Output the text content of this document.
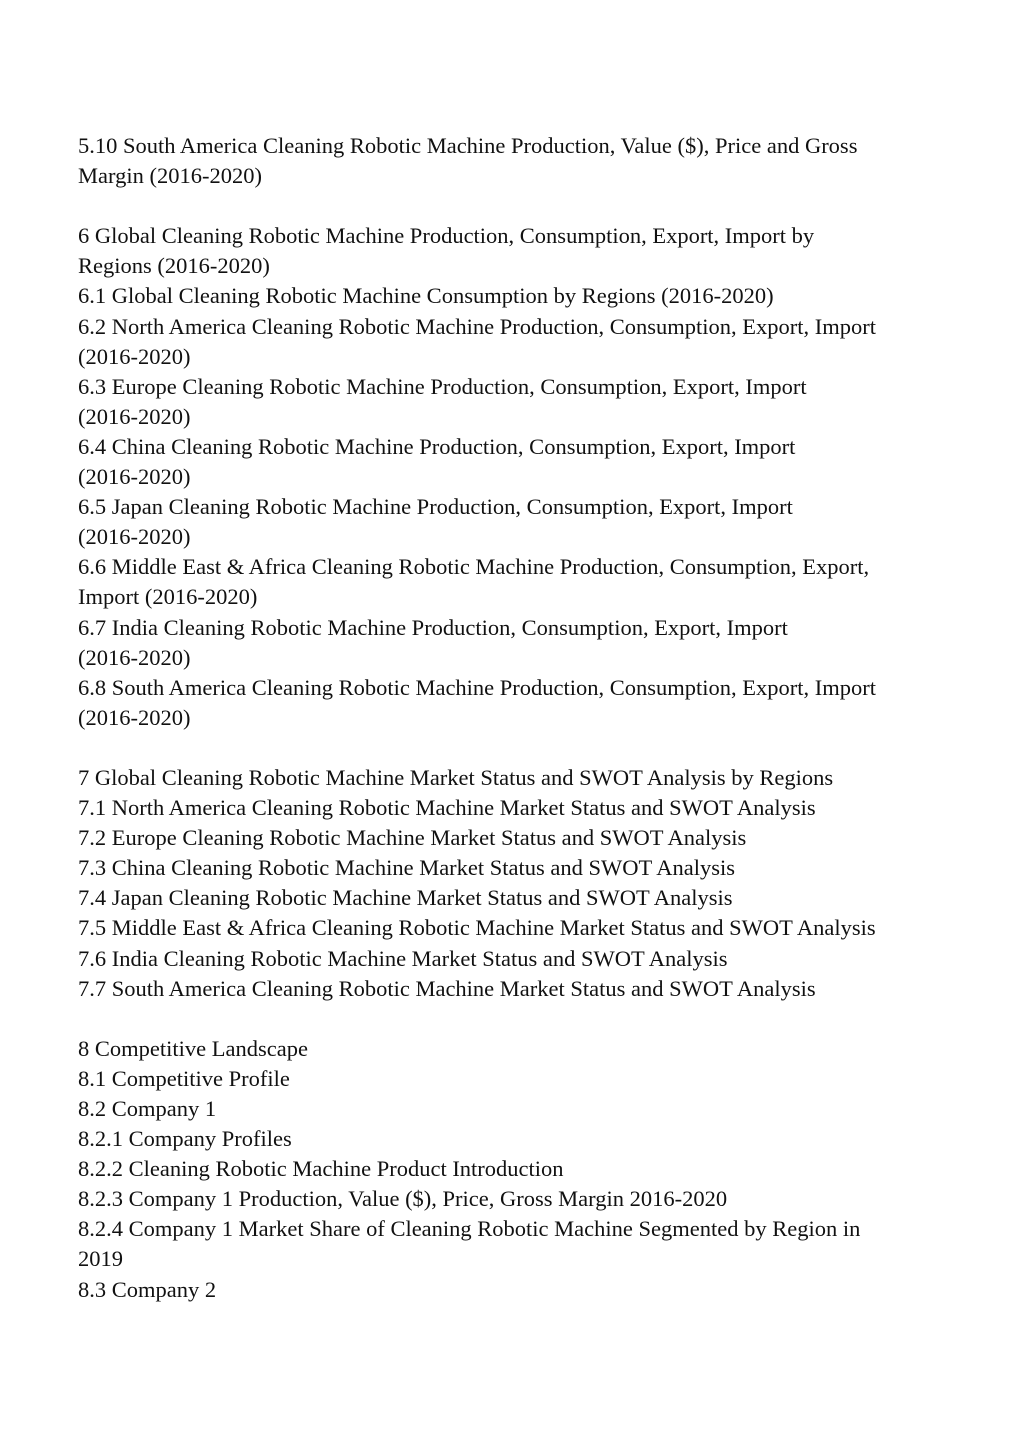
5.10 South America Cleaning Robotic Machine Production, Value ($), Price and Gross
Margin (2016-2020)
6 Global Cleaning Robotic Machine Production, Consumption, Export, Import by
Regions (2016-2020)
6.1 Global Cleaning Robotic Machine Consumption by Regions (2016-2020)
6.2 North America Cleaning Robotic Machine Production, Consumption, Export, Import
(2016-2020)
6.3 Europe Cleaning Robotic Machine Production, Consumption, Export, Import
(2016-2020)
6.4 China Cleaning Robotic Machine Production, Consumption, Export, Import
(2016-2020)
6.5 Japan Cleaning Robotic Machine Production, Consumption, Export, Import
(2016-2020)
6.6 Middle East & Africa Cleaning Robotic Machine Production, Consumption, Export,
Import (2016-2020)
6.7 India Cleaning Robotic Machine Production, Consumption, Export, Import
(2016-2020)
6.8 South America Cleaning Robotic Machine Production, Consumption, Export, Import
(2016-2020)
7 Global Cleaning Robotic Machine Market Status and SWOT Analysis by Regions
7.1 North America Cleaning Robotic Machine Market Status and SWOT Analysis
7.2 Europe Cleaning Robotic Machine Market Status and SWOT Analysis
7.3 China Cleaning Robotic Machine Market Status and SWOT Analysis
7.4 Japan Cleaning Robotic Machine Market Status and SWOT Analysis
7.5 Middle East & Africa Cleaning Robotic Machine Market Status and SWOT Analysis
7.6 India Cleaning Robotic Machine Market Status and SWOT Analysis
7.7 South America Cleaning Robotic Machine Market Status and SWOT Analysis
8 Competitive Landscape
8.1 Competitive Profile
8.2 Company 1
8.2.1 Company Profiles
8.2.2 Cleaning Robotic Machine Product Introduction
8.2.3 Company 1 Production, Value ($), Price, Gross Margin 2016-2020
8.2.4 Company 1 Market Share of Cleaning Robotic Machine Segmented by Region in
2019
8.3 Company 2
